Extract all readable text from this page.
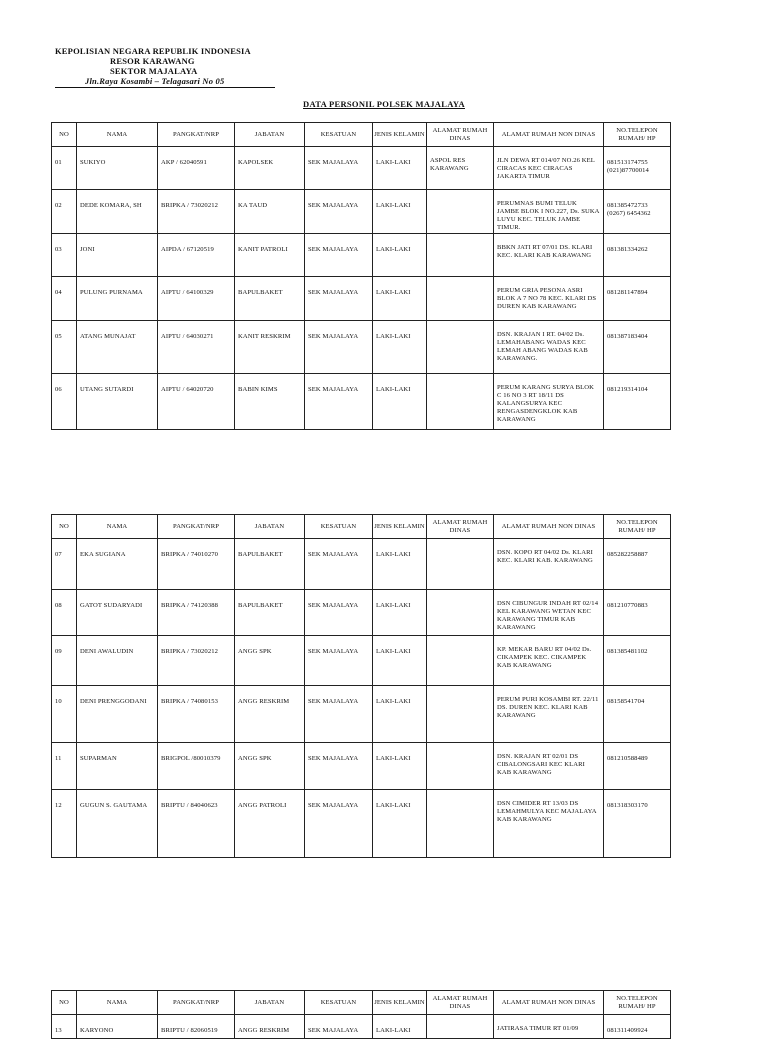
KEPOLISIAN NEGARA REPUBLIK INDONESIA
RESOR KARAWANG
SEKTOR MAJALAYA
Jln.Raya Kosambi – Telagasari No 05
DATA PERSONIL POLSEK MAJALAYA
NO	NAMA	PANGKAT/NRP	JABATAN	KESATUAN	JENIS KELAMIN	ALAMAT RUMAH DINAS	ALAMAT RUMAH NON DINAS	NO.TELEPON RUMAH/ HP
01	SUKIYO	AKP / 62040591	KAPOLSEK	SEK MAJALAYA	LAKI-LAKI	ASPOL RES KARAWANG	JLN DEWA RT 014/07 NO.26 KEL CIRACAS KEC CIRACAS JAKARTA TIMUR	081513174755 (021)87700014
02	DEDE KOMARA, SH	BRIPKA / 73020212	KA TAUD	SEK MAJALAYA	LAKI-LAKI		PERUMNAS BUMI TELUK JAMBE BLOK I NO.227, Ds. SUKA LUYU KEC. TELUK JAMBE TIMUR.	081385472733 (0267) 6454362
03	JONI	AIPDA / 67120519	KANIT PATROLI	SEK MAJALAYA	LAKI-LAKI		BBKN JATI RT 07/01 DS. KLARI KEC. KLARI KAB KARAWANG	081381334262
04	PULUNG PURNAMA	AIPTU / 64100329	BAPULBAKET	SEK MAJALAYA	LAKI-LAKI		PERUM GRIA PESONA ASRI BLOK A 7 NO 78 KEC. KLARI DS DUREN KAB KARAWANG	081281147894
05	ATANG MUNAJAT	AIPTU / 64030271	KANIT RESKRIM	SEK MAJALAYA	LAKI-LAKI		DSN. KRAJAN I RT. 04/02 Ds. LEMAHABANG WADAS KEC LEMAH ABANG WADAS KAB KARAWANG.	081387183404
06	UTANG SUTARDI	AIPTU / 64020720	BABIN KIMS	SEK MAJALAYA	LAKI-LAKI		PERUM KARANG SURYA BLOK C 16 NO 3 RT 18/11 DS KALANGSURYA KEC RENGASDENGKLOK KAB KARAWANG	081219314104
NO	NAMA	PANGKAT/NRP	JABATAN	KESATUAN	JENIS KELAMIN	ALAMAT RUMAH DINAS	ALAMAT RUMAH NON DINAS	NO.TELEPON RUMAH/ HP
07	EKA SUGIANA	BRIPKA / 74010270	BAPULBAKET	SEK MAJALAYA	LAKI-LAKI		DSN. KOPO RT 04/02 Ds. KLARI KEC. KLARI KAB. KARAWANG	085282258887
08	GATOT SUDARYADI	BRIPKA / 74120388	BAPULBAKET	SEK MAJALAYA	LAKI-LAKI		DSN CIBUNGUR INDAH RT 02/14 KEL KARAWANG WETAN KEC KARAWANG TIMUR KAB KARAWANG	081210770883
09	DENI AWALUDIN	BRIPKA / 73020212	ANGG SPK	SEK MAJALAYA	LAKI-LAKI		KP. MEKAR BARU RT 04/02 Ds. CIKAMPEK KEC. CIKAMPEK KAB KARAWANG	081385481102
10	DENI PRENGGODANI	BRIPKA / 74080153	ANGG RESKRIM	SEK MAJALAYA	LAKI-LAKI		PERUM PURI KOSAMBI RT. 22/11 DS. DUREN KEC. KLARI KAB KARAWANG	08158541704
11	SUPARMAN	BRIGPOL /80010379	ANGG SPK	SEK MAJALAYA	LAKI-LAKI		DSN. KRAJAN RT 02/01 DS CIBALONGSARI KEC KLARI KAB KARAWANG	081210588489
12	GUGUN S. GAUTAMA	BRIPTU / 84040623	ANGG PATROLI	SEK MAJALAYA	LAKI-LAKI		DSN CIMIDER RT 13/03 DS LEMAHMULYA KEC MAJALAYA KAB KARAWANG	081318303170
NO	NAMA	PANGKAT/NRP	JABATAN	KESATUAN	JENIS KELAMIN	ALAMAT RUMAH DINAS	ALAMAT RUMAH NON DINAS	NO.TELEPON RUMAH/ HP
13	KARYONO	BRIPTU / 82060519	ANGG RESKRIM	SEK MAJALAYA	LAKI-LAKI		JATIRASA TIMUR RT 01/09	081311409924
